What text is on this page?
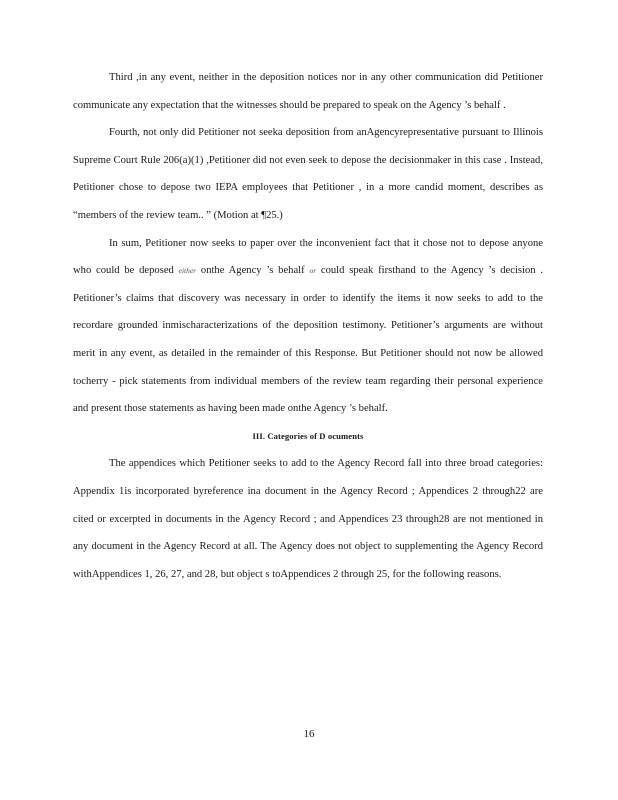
Third ,in any event, neither in the deposition notices nor in any other communication did Petitioner communicate any expectation that the witnesses should be prepared to speak on the Agency ’s behalf .

Fourth, not only did Petitioner not seeka deposition from anAgencyrepresentative pursuant to Illinois Supreme Court Rule 206(a)(1) ,Petitioner did not even seek to depose the decisionmaker in this case . Instead, Petitioner chose to depose two IEPA employees that Petitioner , in a more candid moment, describes as “members of the review team.. ” (Motion at ¶25.)

In sum, Petitioner now seeks to paper over the inconvenient fact that it chose not to depose anyone who could be deposed either onthe Agency ’s behalf or could speak firsthand to the Agency ’s decision . Petitioner’s claims that discovery was necessary in order to identify the items it now seeks to add to the recordare grounded inmischaracterizations of the deposition testimony. Petitioner’s arguments are without merit in any event, as detailed in the remainder of this Response. But Petitioner should not now be allowed tocherry - pick statements from individual members of the review team regarding their personal experience and present those statements as having been made onthe Agency ’s behalf.

III. Categories of D ocuments

The appendices which Petitioner seeks to add to the Agency Record fall into three broad categories: Appendix 1is incorporated byreference ina document in the Agency Record ; Appendices 2 through22 are cited or excerpted in documents in the Agency Record ; and Appendices 23 through28 are not mentioned in any document in the Agency Record at all. The Agency does not object to supplementing the Agency Record withAppendices 1, 26, 27, and 28, but object s toAppendices 2 through 25, for the following reasons.

16
